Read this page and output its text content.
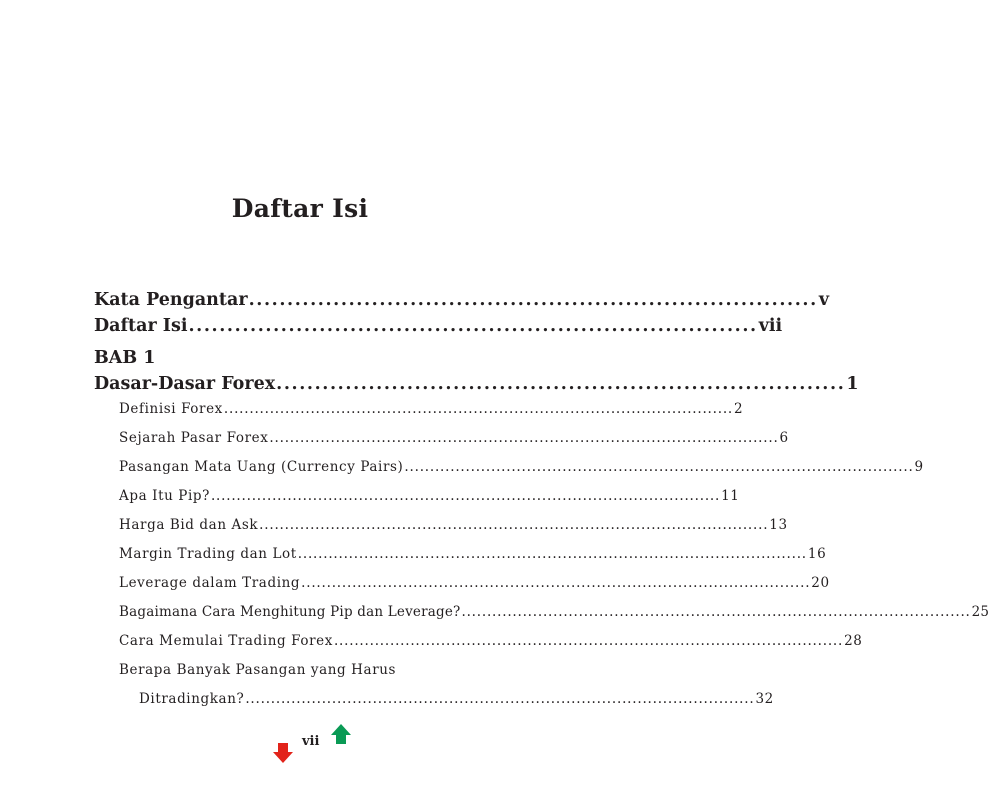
Daftar Isi
Kata Pengantar .......................................................................... v
Daftar Isi .......................................................................... vii
BAB 1
Dasar-Dasar Forex .......................................................................... 1
Definisi Forex .................................................................................................... 2
Sejarah Pasar Forex .................................................................................................... 6
Pasangan Mata Uang (Currency Pairs) .................................................................................................... 9
Apa Itu Pip? .................................................................................................... 11
Harga Bid dan Ask .................................................................................................... 13
Margin Trading dan Lot .................................................................................................... 16
Leverage dalam Trading .................................................................................................... 20
Bagaimana Cara Menghitung Pip dan Leverage? .................................................................................................... 25
Cara Memulai Trading Forex .................................................................................................... 28
Berapa Banyak Pasangan yang Harus
Ditradingkan? .................................................................................................... 32
vii
